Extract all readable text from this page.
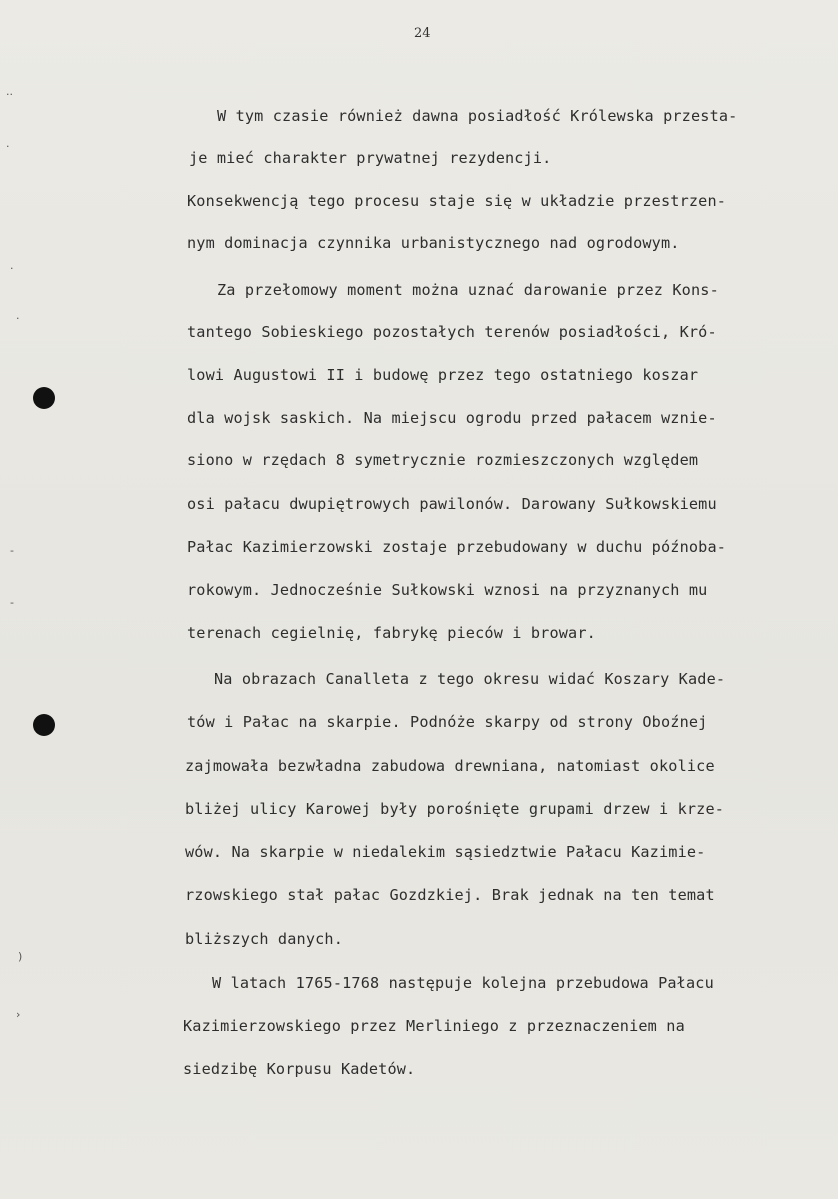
24
··
·
·
·
-
-
)
›
W tym czasie również dawna posiadłość Królewska przesta-
je mieć charakter prywatnej rezydencji.
Konsekwencją tego procesu staje się w układzie przestrzen-
nym dominacja czynnika urbanistycznego nad ogrodowym.
Za przełomowy moment można uznać darowanie przez Kons-
tantego Sobieskiego pozostałych terenów posiadłości, Kró-
lowi Augustowi II i budowę przez tego ostatniego koszar
dla wojsk saskich. Na miejscu ogrodu przed pałacem wznie-
siono w rzędach 8 symetrycznie rozmieszczonych względem
osi pałacu dwupiętrowych pawilonów. Darowany Sułkowskiemu
Pałac Kazimierzowski zostaje przebudowany w duchu późnoba-
rokowym. Jednocześnie Sułkowski wznosi na przyznanych mu
terenach cegielnię, fabrykę pieców i browar.
Na obrazach Canalleta z tego okresu widać Koszary Kade-
tów i Pałac na skarpie. Podnóże skarpy od strony Oboźnej
zajmowała bezwładna zabudowa drewniana, natomiast okolice
bliżej ulicy Karowej były porośnięte grupami drzew i krze-
wów. Na skarpie w niedalekim sąsiedztwie Pałacu Kazimie-
rzowskiego stał pałac Gozdzkiej. Brak jednak na ten temat
bliższych danych.
W latach 1765-1768 następuje kolejna przebudowa Pałacu
Kazimierzowskiego przez Merliniego z przeznaczeniem na
siedzibę Korpusu Kadetów.
